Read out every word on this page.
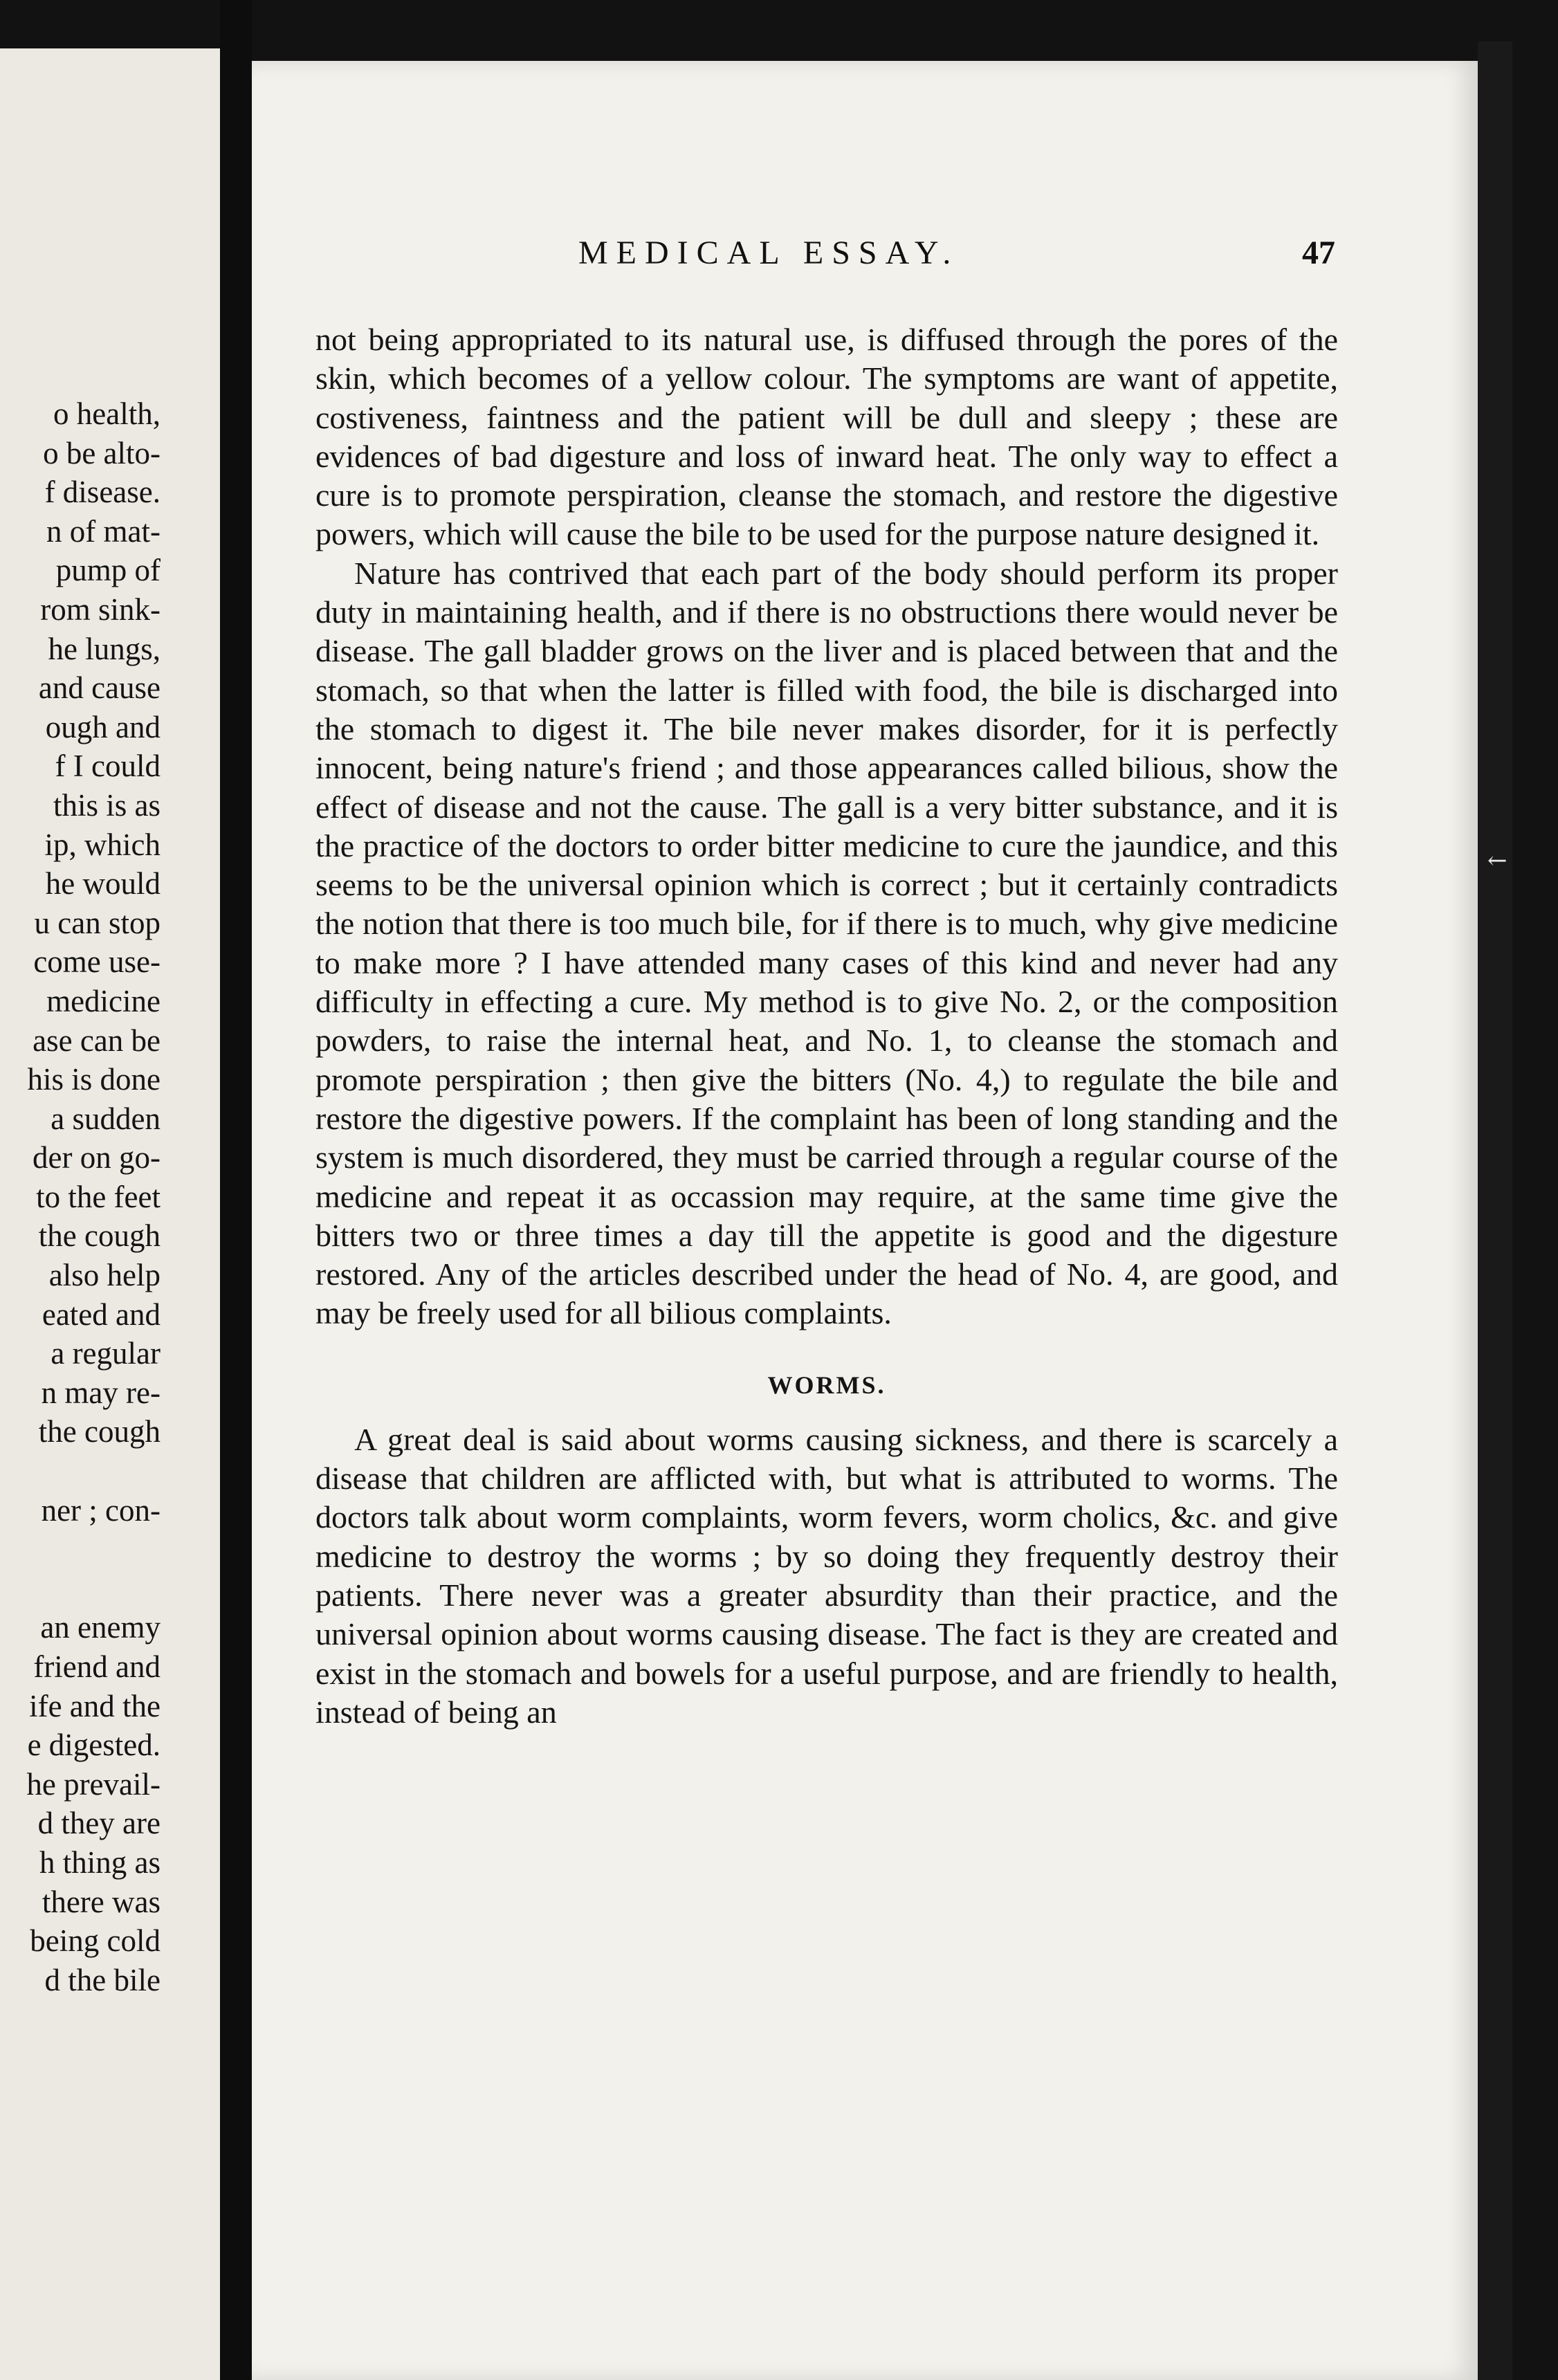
o health,
o be alto-
f disease.
n of mat-
pump of
rom sink-
he lungs,
and cause
ough and
f I could
this is as
ip, which
he would
u can stop
come use-
medicine
ase can be
his is done
a sudden
der on go-
to the feet
the cough
also help
eated and
a regular
n may re-
the cough
ner ; con-
an enemy
friend and
ife and the
e digested.
he prevail-
d they are
h thing as
there was
being cold
d the bile
MEDICAL ESSAY.	47

not being appropriated to its natural use, is diffused through the pores of the skin, which becomes of a yellow colour. The symptoms are want of appetite, costiveness, faintness and the patient will be dull and sleepy ; these are evidences of bad digesture and loss of inward heat. The only way to effect a cure is to promote perspiration, cleanse the stomach, and restore the digestive powers, which will cause the bile to be used for the purpose nature designed it.

Nature has contrived that each part of the body should perform its proper duty in maintaining health, and if there is no obstructions there would never be disease. The gall bladder grows on the liver and is placed between that and the stomach, so that when the latter is filled with food, the bile is discharged into the stomach to digest it. The bile never makes disorder, for it is perfectly innocent, being nature's friend ; and those appearances called bilious, show the effect of disease and not the cause. The gall is a very bitter substance, and it is the practice of the doctors to order bitter medicine to cure the jaundice, and this seems to be the universal opinion which is correct ; but it certainly contradicts the notion that there is too much bile, for if there is to much, why give medicine to make more ? I have attended many cases of this kind and never had any difficulty in effecting a cure. My method is to give No. 2, or the composition powders, to raise the internal heat, and No. 1, to cleanse the stomach and promote perspiration ; then give the bitters (No. 4,) to regulate the bile and restore the digestive powers. If the complaint has been of long standing and the system is much disordered, they must be carried through a regular course of the medicine and repeat it as occassion may require, at the same time give the bitters two or three times a day till the appetite is good and the digesture restored. Any of the articles described under the head of No. 4, are good, and may be freely used for all bilious complaints.

WORMS.

A great deal is said about worms causing sickness, and there is scarcely a disease that children are afflicted with, but what is attributed to worms. The doctors talk about worm complaints, worm fevers, worm cholics, &c. and give medicine to destroy the worms ; by so doing they frequently destroy their patients. There never was a greater absurdity than their practice, and the universal opinion about worms causing disease. The fact is they are created and exist in the stomach and bowels for a useful purpose, and are friendly to health, instead of being an

←
